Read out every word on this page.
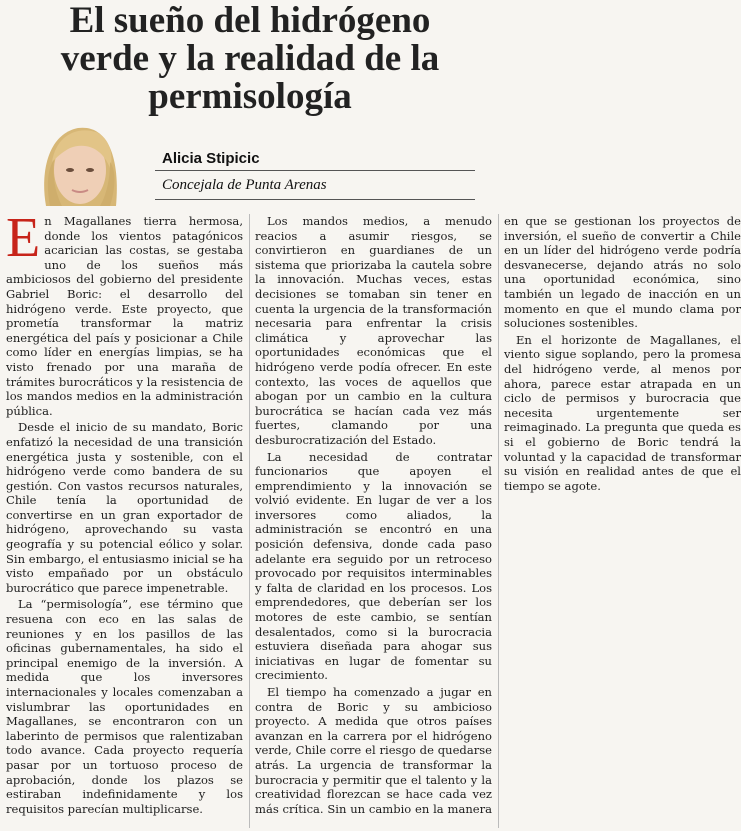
El sueño del hidrógeno
verde y la realidad de la
permisología
Alicia Stipicic
Concejala de Punta Arenas

En Magallanes tierra hermosa, donde los vientos patagónicos acarician las costas, se gestaba uno de los sueños más ambiciosos del gobierno del presidente Gabriel Boric: el desarrollo del hidrógeno verde. Este proyecto, que prometía transformar la matriz energética del país y posicionar a Chile como líder en energías limpias, se ha visto frenado por una maraña de trámites burocráticos y la resistencia de los mandos medios en la administración pública.

Desde el inicio de su mandato, Boric enfatizó la necesidad de una transición energética justa y sostenible, con el hidrógeno verde como bandera de su gestión. Con vastos recursos naturales, Chile tenía la oportunidad de convertirse en un gran exportador de hidrógeno, aprovechando su vasta geografía y su potencial eólico y solar. Sin embargo, el entusiasmo inicial se ha visto empañado por un obstáculo burocrático que parece impenetrable.

La “permisología”, ese término que resuena con eco en las salas de reuniones y en los pasillos de las oficinas gubernamentales, ha sido el principal enemigo de la inversión. A medida que los inversores internacionales y locales comenzaban a vislumbrar las oportunidades en Magallanes, se encontraron con un laberinto de permisos que ralentizaban todo avance. Cada proyecto requería pasar por un tortuoso proceso de aprobación, donde los plazos se estiraban indefinidamente y los requisitos parecían multiplicarse.

Los mandos medios, a menudo reacios a asumir riesgos, se convirtieron en guardianes de un sistema que priorizaba la cautela sobre la innovación. Muchas veces, estas decisiones se tomaban sin tener en cuenta la urgencia de la transformación necesaria para enfrentar la crisis climática y aprovechar las oportunidades económicas que el hidrógeno verde podía ofrecer. En este contexto, las voces de aquellos que abogan por un cambio en la cultura burocrática se hacían cada vez más fuertes, clamando por una desburocratización del Estado.

La necesidad de contratar funcionarios que apoyen el emprendimiento y la innovación se volvió evidente. En lugar de ver a los inversores como aliados, la administración se encontró en una posición defensiva, donde cada paso adelante era seguido por un retroceso provocado por requisitos interminables y falta de claridad en los procesos. Los emprendedores, que deberían ser los motores de este cambio, se sentían desalentados, como si la burocracia estuviera diseñada para ahogar sus iniciativas en lugar de fomentar su crecimiento.

El tiempo ha comenzado a jugar en contra de Boric y su ambicioso proyecto. A medida que otros países avanzan en la carrera por el hidrógeno verde, Chile corre el riesgo de quedarse atrás. La urgencia de transformar la burocracia y permitir que el talento y la creatividad florezcan se hace cada vez más crítica. Sin un cambio en la manera en que se gestionan los proyectos de inversión, el sueño de convertir a Chile en un líder del hidrógeno verde podría desvanecerse, dejando atrás no solo una oportunidad económica, sino también un legado de inacción en un momento en que el mundo clama por soluciones sostenibles.

En el horizonte de Magallanes, el viento sigue soplando, pero la promesa del hidrógeno verde, al menos por ahora, parece estar atrapada en un ciclo de permisos y burocracia que necesita urgentemente ser reimaginado. La pregunta que queda es si el gobierno de Boric tendrá la voluntad y la capacidad de transformar su visión en realidad antes de que el tiempo se agote.
